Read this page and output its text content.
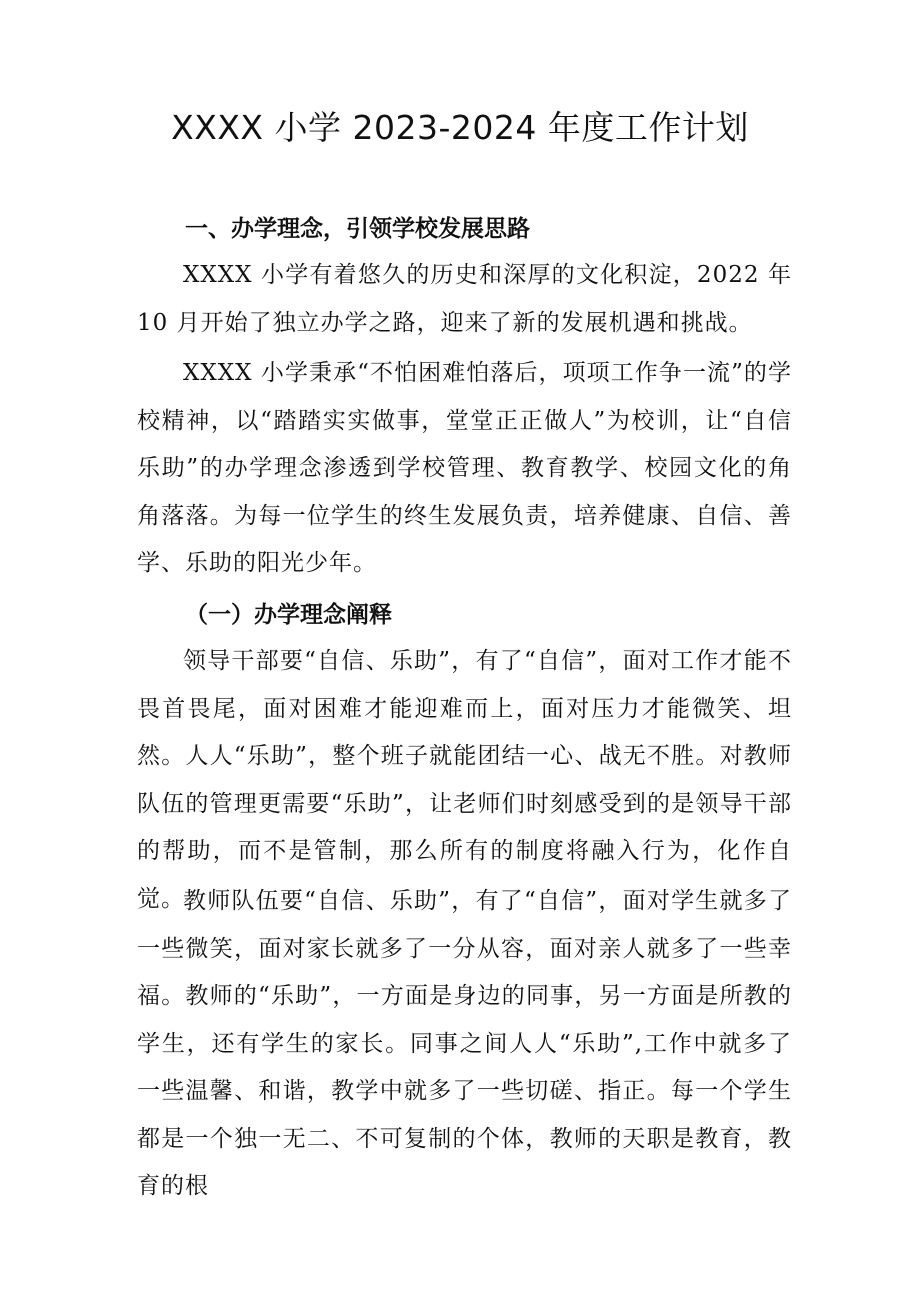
XXXX 小学 2023-2024 年度工作计划
一、办学理念，引领学校发展思路

XXXX 小学有着悠久的历史和深厚的文化积淀，2022 年 10 月开始了独立办学之路，迎来了新的发展机遇和挑战。

XXXX 小学秉承“不怕困难怕落后，项项工作争一流”的学校精神，以“踏踏实实做事，堂堂正正做人”为校训，让“自信乐助”的办学理念渗透到学校管理、教育教学、校园文化的角角落落。为每一位学生的终生发展负责，培养健康、自信、善学、乐助的阳光少年。

（一）办学理念阐释

领导干部要“自信、乐助”，有了“自信”，面对工作才能不畏首畏尾，面对困难才能迎难而上，面对压力才能微笑、坦然。人人“乐助”，整个班子就能团结一心、战无不胜。对教师队伍的管理更需要“乐助”，让老师们时刻感受到的是领导干部的帮助，而不是管制，那么所有的制度将融入行为，化作自觉。

教师队伍要“自信、乐助”，有了“自信”，面对学生就多了一些微笑，面对家长就多了一分从容，面对亲人就多了一些幸福。教师的“乐助”，一方面是身边的同事，另一方面是所教的学生，还有学生的家长。同事之间人人“乐助”,工作中就多了一些温馨、和谐，教学中就多了一些切磋、指正。每一个学生都是一个独一无二、不可复制的个体，教师的天职是教育，教育的根
